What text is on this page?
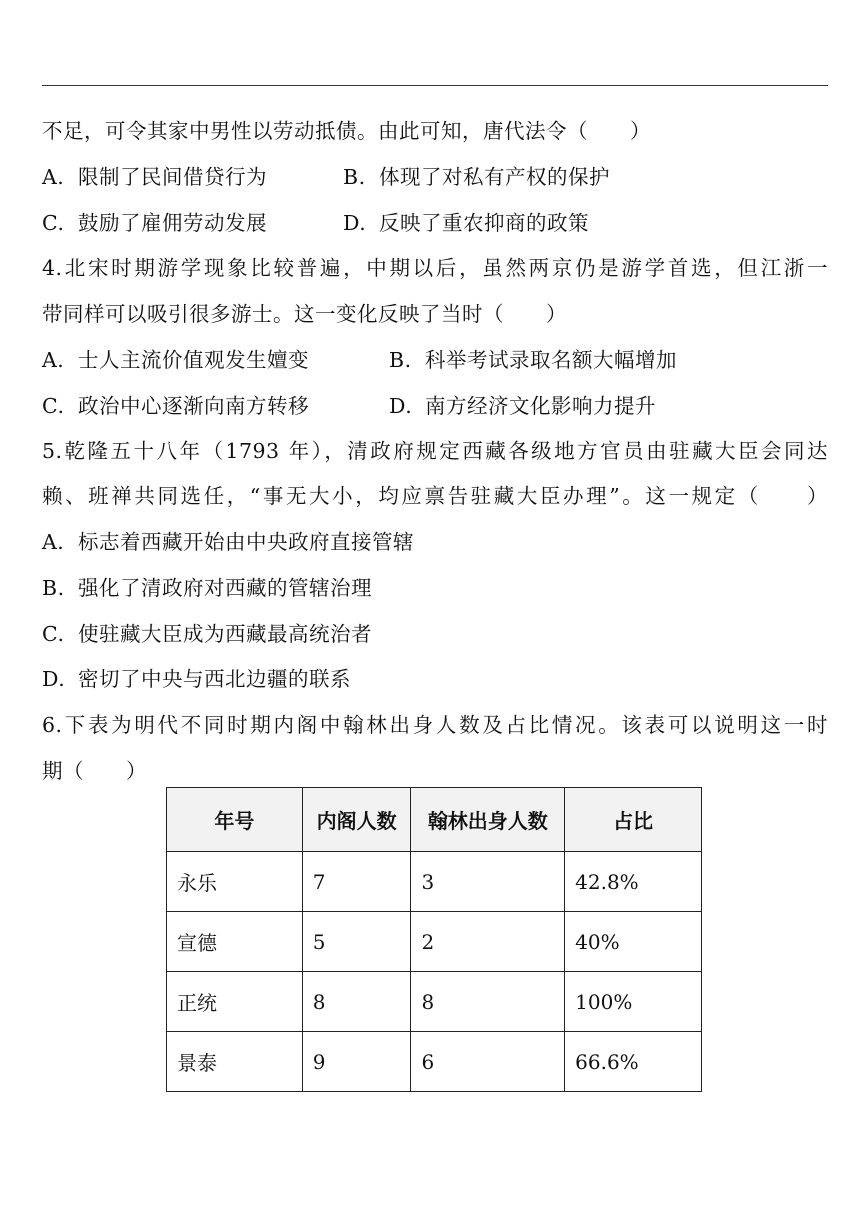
不足，可令其家中男性以劳动抵债。由此可知，唐代法令（　　）
A. 限制了民间借贷行为	B. 体现了对私有产权的保护
C. 鼓励了雇佣劳动发展	D. 反映了重农抑商的政策
4.北宋时期游学现象比较普遍，中期以后，虽然两京仍是游学首选，但江浙一
带同样可以吸引很多游士。这一变化反映了当时（　　）
A. 士人主流价值观发生嬗变	B. 科举考试录取名额大幅增加
C. 政治中心逐渐向南方转移	D. 南方经济文化影响力提升
5.乾隆五十八年（1793 年），清政府规定西藏各级地方官员由驻藏大臣会同达
赖、班禅共同选任，“事无大小，均应禀告驻藏大臣办理”。这一规定（　　）
A. 标志着西藏开始由中央政府直接管辖
B. 强化了清政府对西藏的管辖治理
C. 使驻藏大臣成为西藏最高统治者
D. 密切了中央与西北边疆的联系
6.下表为明代不同时期内阁中翰林出身人数及占比情况。该表可以说明这一时
期（　　）
年号	内阁人数	翰林出身人数	占比
永乐	7	3	42.8%
宣德	5	2	40%
正统	8	8	100%
景泰	9	6	66.6%
